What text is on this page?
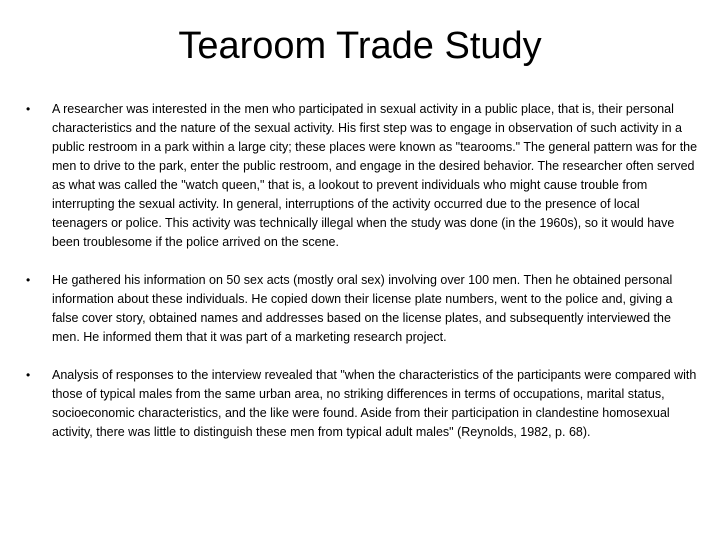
Tearoom Trade Study
• A researcher was interested in the men who participated in sexual activity in a public place, that is, their personal characteristics and the nature of the sexual activity. His first step was to engage in observation of such activity in a public restroom in a park within a large city; these places were known as "tearooms." The general pattern was for the men to drive to the park, enter the public restroom, and engage in the desired behavior. The researcher often served as what was called the "watch queen," that is, a lookout to prevent individuals who might cause trouble from interrupting the sexual activity. In general, interruptions of the activity occurred due to the presence of local teenagers or police. This activity was technically illegal when the study was done (in the 1960s), so it would have been troublesome if the police arrived on the scene.
• He gathered his information on 50 sex acts (mostly oral sex) involving over 100 men. Then he obtained personal information about these individuals. He copied down their license plate numbers, went to the police and, giving a false cover story, obtained names and addresses based on the license plates, and subsequently interviewed the men. He informed them that it was part of a marketing research project.
• Analysis of responses to the interview revealed that "when the characteristics of the participants were compared with those of typical males from the same urban area, no striking differences in terms of occupations, marital status, socioeconomic characteristics, and the like were found. Aside from their participation in clandestine homosexual activity, there was little to distinguish these men from typical adult males" (Reynolds, 1982, p. 68).
